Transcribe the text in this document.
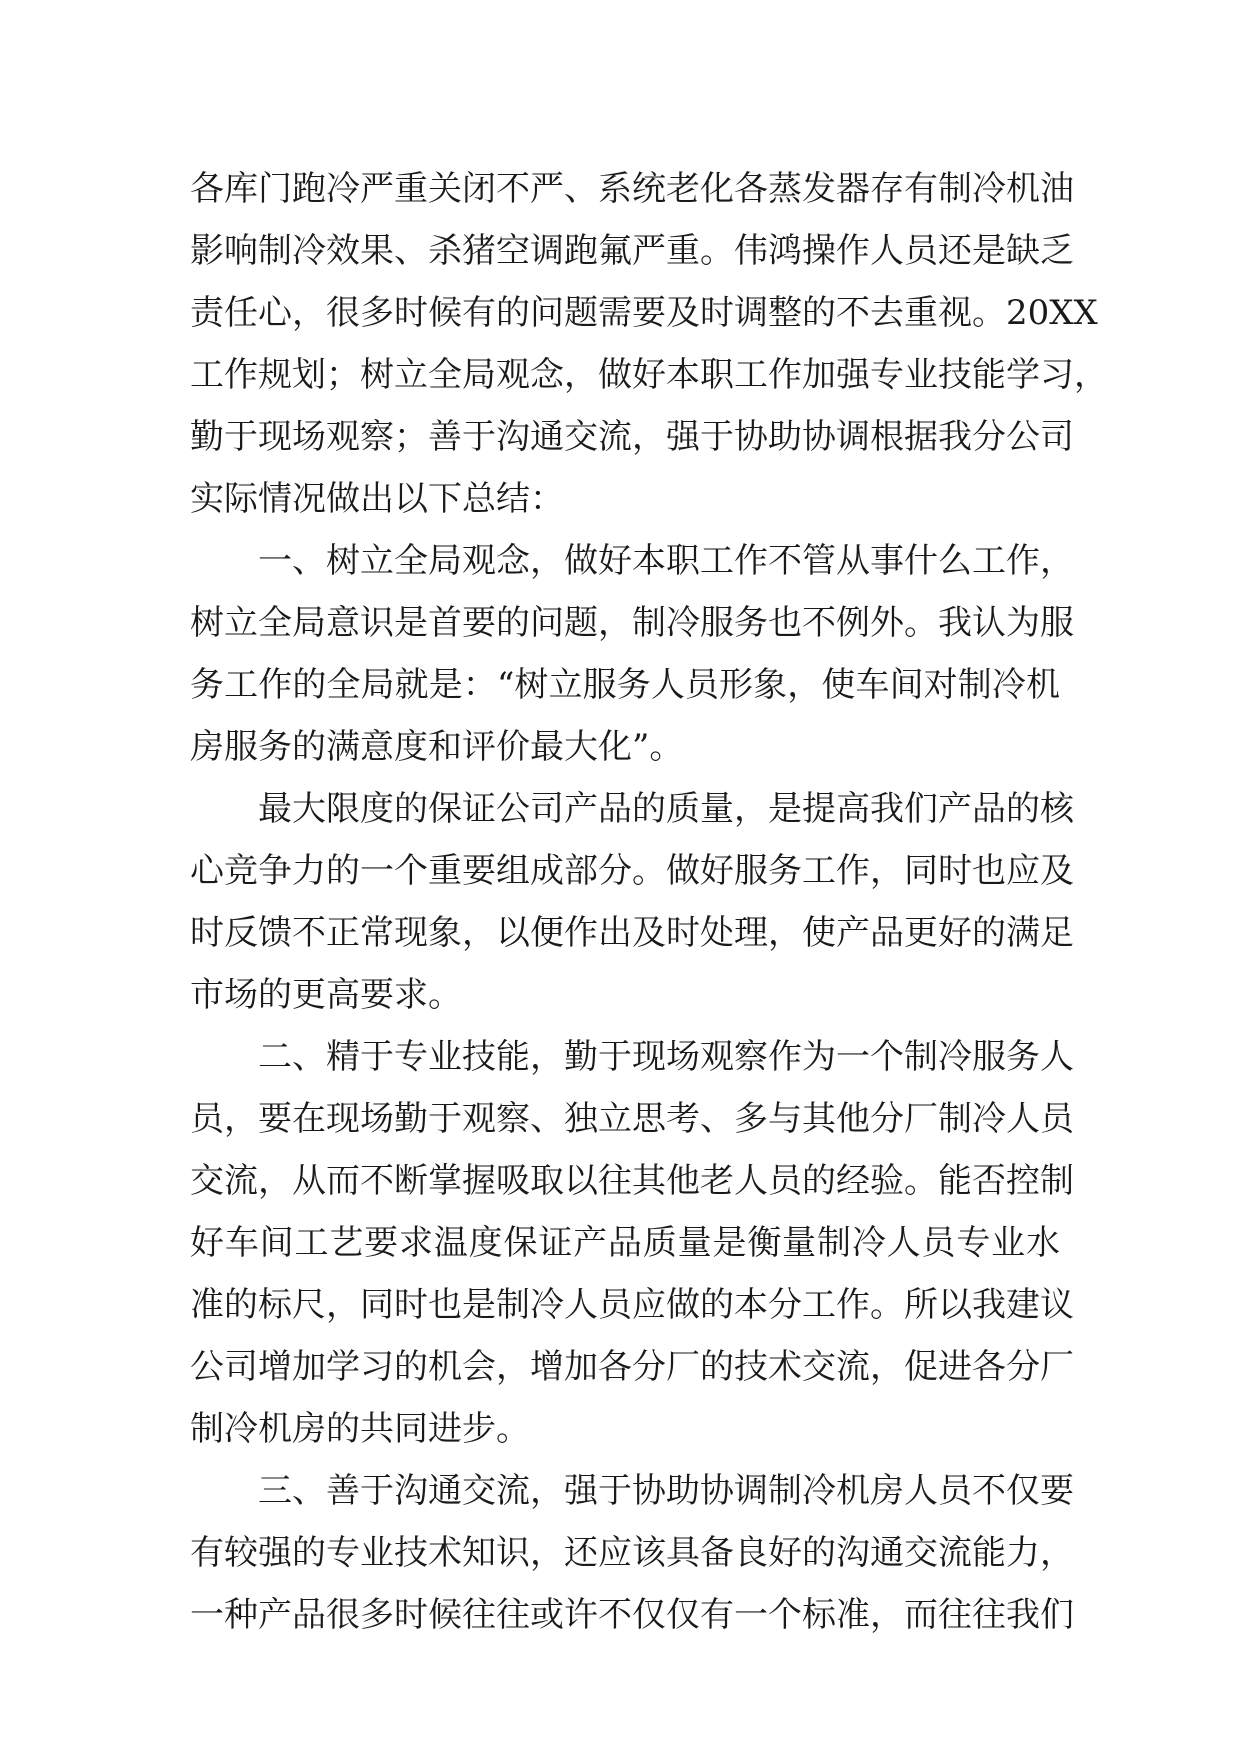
各库门跑冷严重关闭不严、系统老化各蒸发器存有制冷机油
影响制冷效果、杀猪空调跑氟严重。伟鸿操作人员还是缺乏
责任心，很多时候有的问题需要及时调整的不去重视。20XX
工作规划；树立全局观念，做好本职工作加强专业技能学习，
勤于现场观察；善于沟通交流，强于协助协调根据我分公司
实际情况做出以下总结：
一、树立全局观念，做好本职工作不管从事什么工作，
树立全局意识是首要的问题，制冷服务也不例外。我认为服
务工作的全局就是：“树立服务人员形象，使车间对制冷机
房服务的满意度和评价最大化”。
最大限度的保证公司产品的质量，是提高我们产品的核
心竞争力的一个重要组成部分。做好服务工作，同时也应及
时反馈不正常现象，以便作出及时处理，使产品更好的满足
市场的更高要求。
二、精于专业技能，勤于现场观察作为一个制冷服务人
员，要在现场勤于观察、独立思考、多与其他分厂制冷人员
交流，从而不断掌握吸取以往其他老人员的经验。能否控制
好车间工艺要求温度保证产品质量是衡量制冷人员专业水
准的标尺，同时也是制冷人员应做的本分工作。所以我建议
公司增加学习的机会，增加各分厂的技术交流，促进各分厂
制冷机房的共同进步。
三、善于沟通交流，强于协助协调制冷机房人员不仅要
有较强的专业技术知识，还应该具备良好的沟通交流能力，
一种产品很多时候往往或许不仅仅有一个标准，而往往我们
